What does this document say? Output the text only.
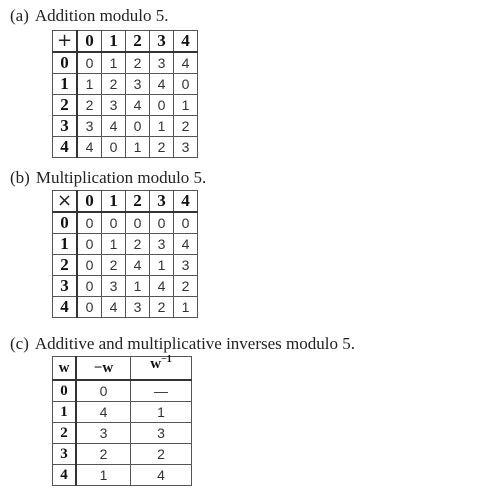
(a) Addition modulo 5.
+	0	1	2	3	4
0	0	1	2	3	4
1	1	2	3	4	0
2	2	3	4	0	1
3	3	4	0	1	2
4	4	0	1	2	3
(b) Multiplication modulo 5.
×	0	1	2	3	4
0	0	0	0	0	0
1	0	1	2	3	4
2	0	2	4	1	3
3	0	3	1	4	2
4	0	4	3	2	1
(c) Additive and multiplicative inverses modulo 5.
w	−w	$w^{-1}$
0	0	—
1	4	1
2	3	3
3	2	2
4	1	4
